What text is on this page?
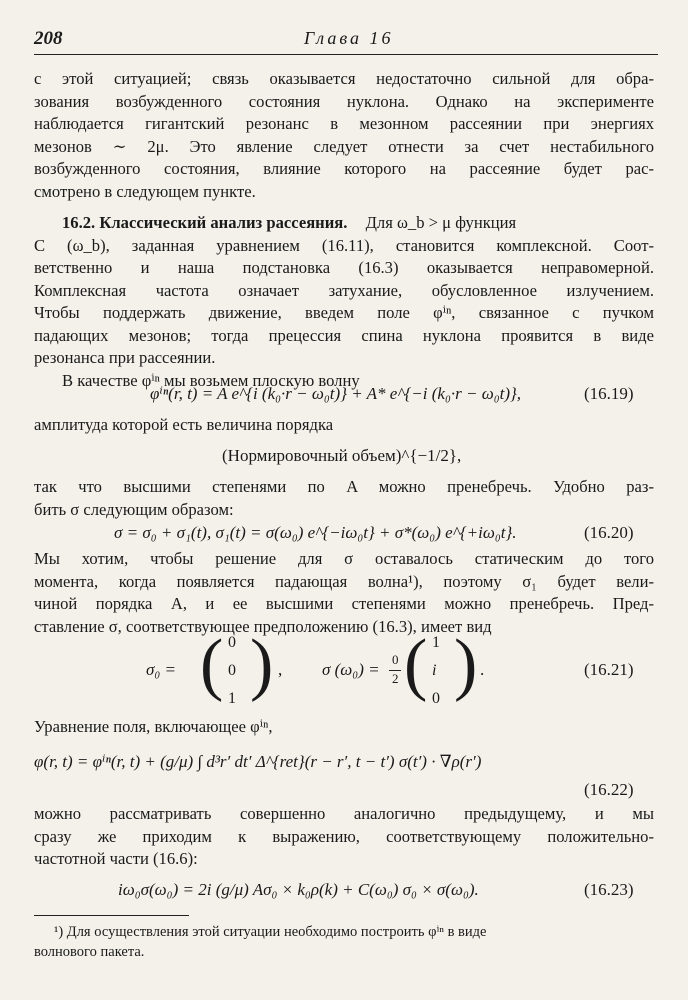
208	Глава 16
с этой ситуацией; связь оказывается недостаточно сильной для обра-
зования возбужденного состояния нуклона. Однако на эксперименте
наблюдается гигантский резонанс в мезонном рассеянии при энергиях
мезонов ∼ 2μ. Это явление следует отнести за счет нестабильного
возбужденного состояния, влияние которого на рассеяние будет рас-
смотрено в следующем пункте.
16.2. Классический анализ рассеяния. Для ω_b > μ функция
C (ω_b), заданная уравнением (16.11), становится комплексной. Соот-
ветственно и наша подстановка (16.3) оказывается неправомерной.
Комплексная частота означает затухание, обусловленное излучением.
Чтобы поддержать движение, введем поле φⁱⁿ, связанное с пучком
падающих мезонов; тогда прецессия спина нуклона проявится в виде
резонанса при рассеянии.
В качестве φⁱⁿ мы возьмем плоскую волну
φⁱⁿ(r, t) = A e^{i (k₀·r − ω₀t)} + A* e^{−i (k₀·r − ω₀t)},	(16.19)
амплитуда которой есть величина порядка
(Нормировочный объем)^{−1/2},
так что высшими степенями по A можно пренебречь. Удобно раз-
бить σ следующим образом:
σ = σ₀ + σ₁(t), σ₁(t) = σ(ω₀) e^{−iω₀t} + σ*(ω₀) e^{+iω₀t}.	(16.20)
Мы хотим, чтобы решение для σ оставалось статическим до того
момента, когда появляется падающая волна¹), поэтому σ₁ будет вели-
чиной порядка A, и ее высшими степенями можно пренебречь. Пред-
ставление σ, соответствующее предположению (16.3), имеет вид
σ₀ = ( 0
0
1 ) , σ (ω₀) =
0
2 ( 1
i
0 ) .	(16.21)
Уравнение поля, включающее φⁱⁿ,
φ(r, t) = φⁱⁿ(r, t) + (g/μ) ∫ d³r′ dt′ Δ^{ret}(r − r′, t − t′) σ(t′) · ∇ρ(r′)
(16.22)
можно рассматривать совершенно аналогично предыдущему, и мы
сразу же приходим к выражению, соответствующему положительно-
частотной части (16.6):
iω₀σ(ω₀) = 2i (g/μ) Aσ₀ × k₀ρ(k) + C(ω₀) σ₀ × σ(ω₀).	(16.23)
¹) Для осуществления этой ситуации необходимо построить φⁱⁿ в виде
волнового пакета.
